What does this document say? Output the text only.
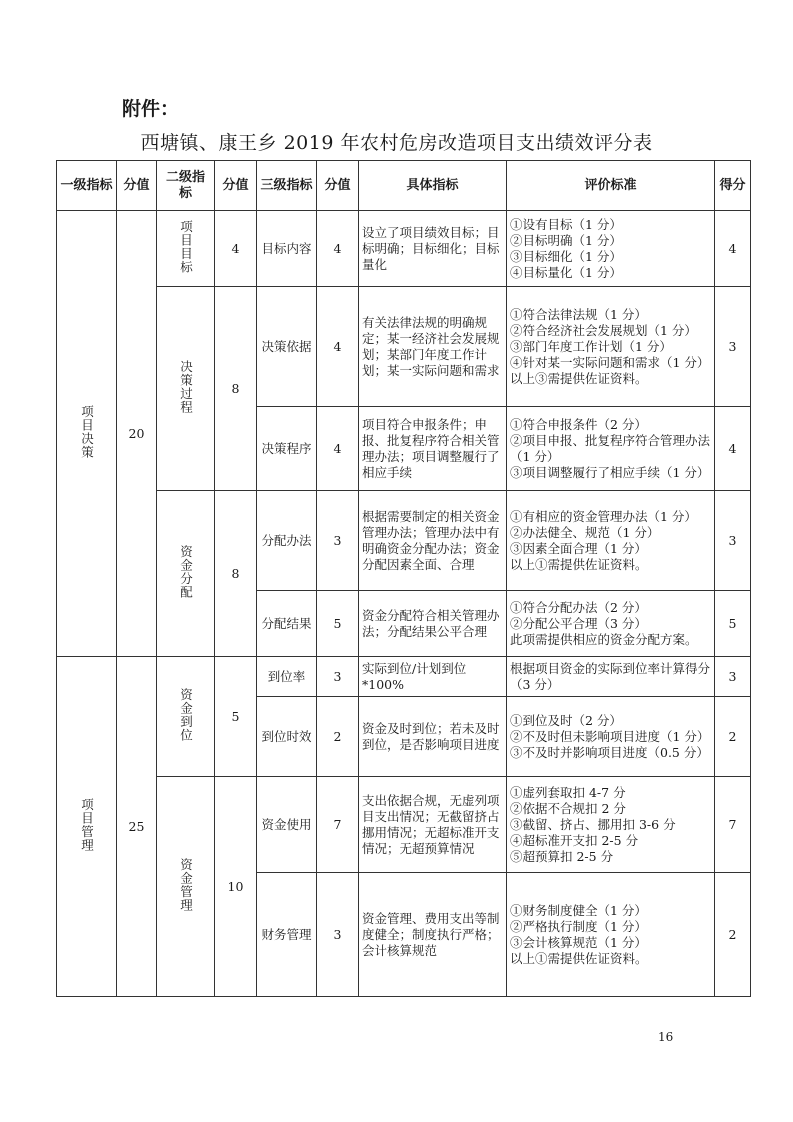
附件：
西塘镇、康王乡 2019 年农村危房改造项目支出绩效评分表
一级指标	分值	二级指标	分值	三级指标	分值	具体指标	评价标准	得分
项目决策	20	项目目标	4	目标内容	4	设立了项目绩效目标；目标明确；目标细化；目标量化	①设有目标（1 分）
②目标明确（1 分）
③目标细化（1 分）
④目标量化（1 分）	4
		决策过程	8	决策依据	4	有关法律法规的明确规定；某一经济社会发展规划；某部门年度工作计划；某一实际问题和需求	①符合法律法规（1 分）
②符合经济社会发展规划（1 分）
③部门年度工作计划（1 分）
④针对某一实际问题和需求（1 分）
以上③需提供佐证资料。	3
				决策程序	4	项目符合申报条件；申报、批复程序符合相关管理办法；项目调整履行了相应手续	①符合申报条件（2 分）
②项目申报、批复程序符合管理办法（1 分）
③项目调整履行了相应手续（1 分）	4
		资金分配	8	分配办法	3	根据需要制定的相关资金管理办法；管理办法中有明确资金分配办法；资金分配因素全面、合理	①有相应的资金管理办法（1 分）
②办法健全、规范（1 分）
③因素全面合理（1 分）
以上①需提供佐证资料。	3
				分配结果	5	资金分配符合相关管理办法；分配结果公平合理	①符合分配办法（2 分）
②分配公平合理（3 分）
此项需提供相应的资金分配方案。	5
项目管理	25	资金到位	5	到位率	3	实际到位/计划到位*100%	根据项目资金的实际到位率计算得分（3 分）	3
				到位时效	2	资金及时到位；若未及时到位，是否影响项目进度	①到位及时（2 分）
②不及时但未影响项目进度（1 分）
③不及时并影响项目进度（0.5 分）	2
		资金管理	10	资金使用	7	支出依据合规，无虚列项目支出情况；无截留挤占挪用情况；无超标准开支情况；无超预算情况	①虚列套取扣 4-7 分
②依据不合规扣 2 分
③截留、挤占、挪用扣 3-6 分
④超标准开支扣 2-5 分
⑤超预算扣 2-5 分	7
				财务管理	3	资金管理、费用支出等制度健全；制度执行严格；会计核算规范	①财务制度健全（1 分）
②严格执行制度（1 分）
③会计核算规范（1 分）
以上①需提供佐证资料。	2
16
